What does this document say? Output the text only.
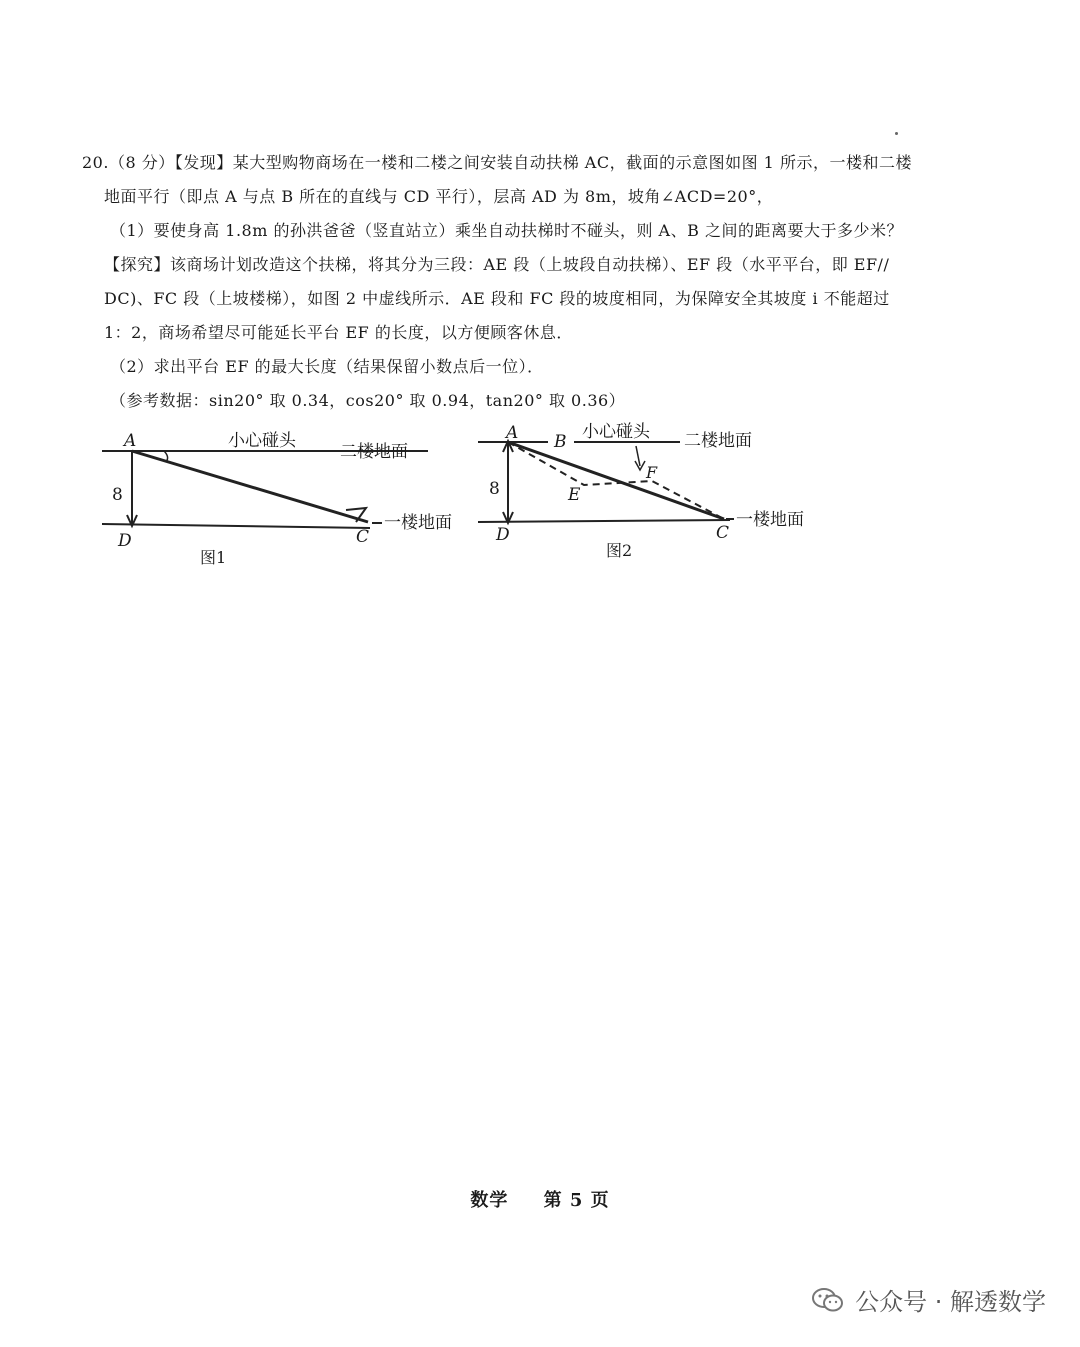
20.（8 分）【发现】某大型购物商场在一楼和二楼之间安装自动扶梯 AC，截面的示意图如图 1 所示，一楼和二楼

地面平行（即点 A 与点 B 所在的直线与 CD 平行），层高 AD 为 8m，坡角∠ACD=20°，

（1）要使身高 1.8m 的孙洪爸爸（竖直站立）乘坐自动扶梯时不碰头，则 A、B 之间的距离要大于多少米？

【探究】该商场计划改造这个扶梯，将其分为三段：AE 段（上坡段自动扶梯）、EF 段（水平平台，即 EF//

DC)、FC 段（上坡楼梯），如图 2 中虚线所示．AE 段和 FC 段的坡度相同，为保障安全其坡度 i 不能超过

1：2，商场希望尽可能延长平台 EF 的长度，以方便顾客休息．

（2）求出平台 EF 的最大长度（结果保留小数点后一位）．

（参考数据：sin20° 取 0.34，cos20° 取 0.94，tan20° 取 0.36）

A
D	C
8
小心碰头
二楼地面
一楼地面
图1
A B
D	C
E
F
8
小心碰头 二楼地面
一楼地面
图2
数学 第 5 页
公众号 · 解透数学
